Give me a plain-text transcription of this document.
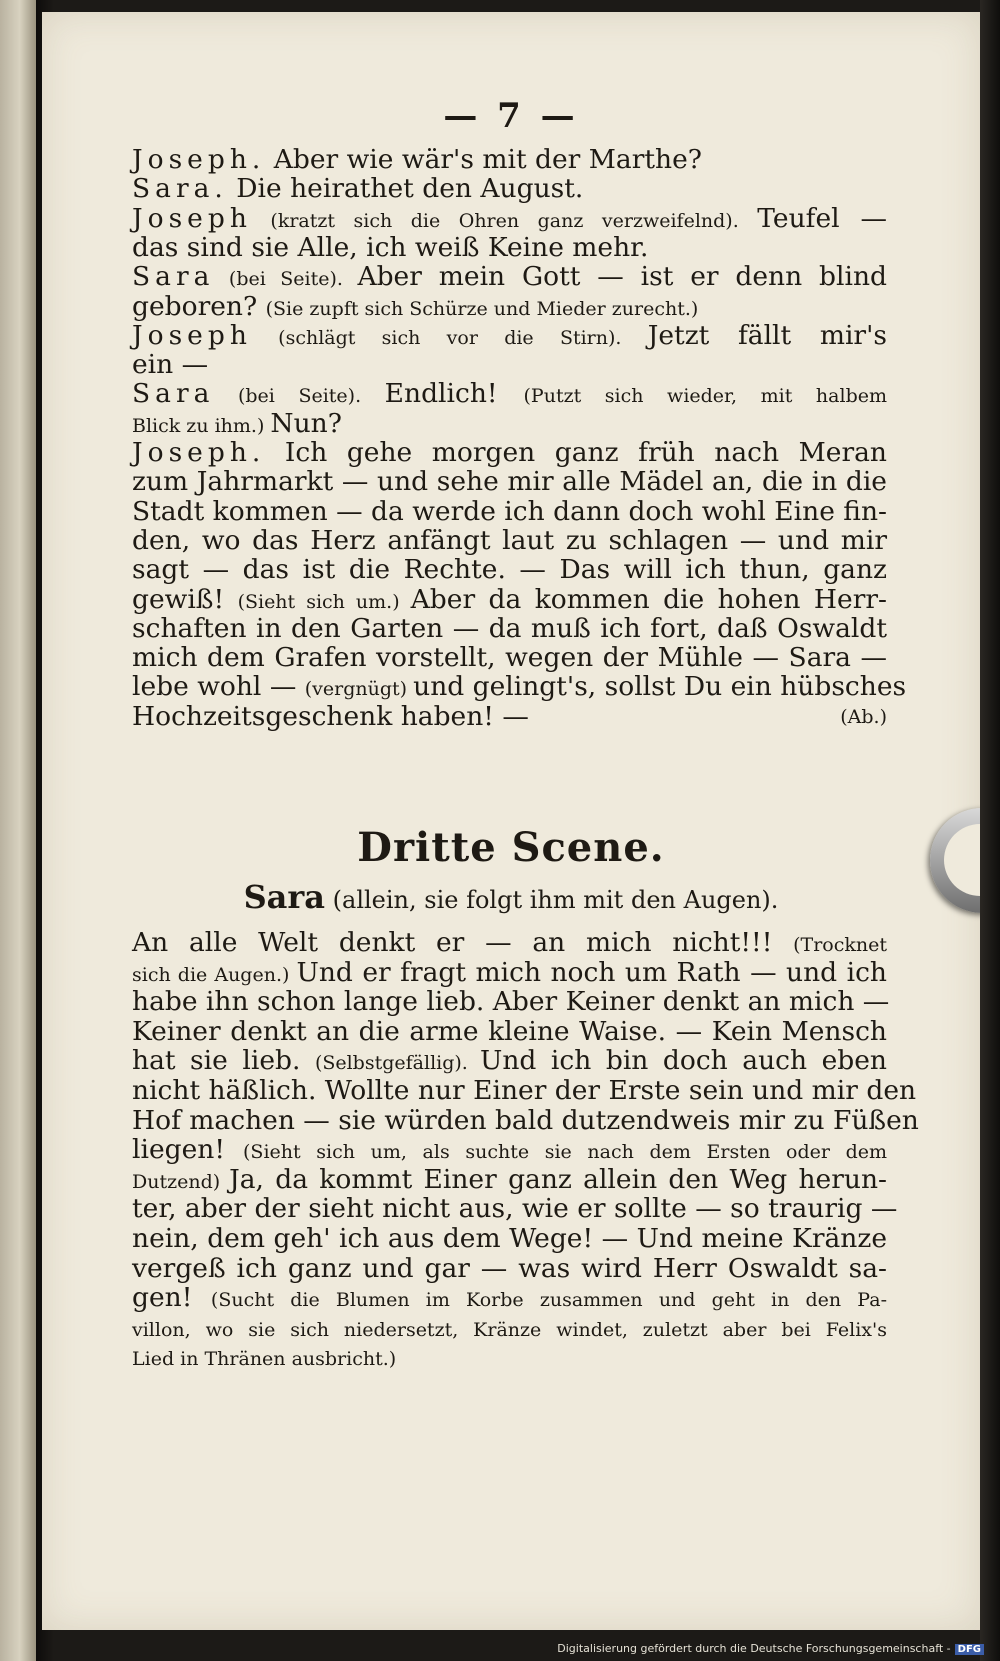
— 7 —
Joseph. Aber wie wär's mit der Marthe?
Sara. Die heirathet den August.
Joseph (kratzt sich die Ohren ganz verzweifelnd). Teufel —
das sind sie Alle, ich weiß Keine mehr.
Sara (bei Seite). Aber mein Gott — ist er denn blind
geboren? (Sie zupft sich Schürze und Mieder zurecht.)
Joseph (schlägt sich vor die Stirn). Jetzt fällt mir's
ein —
Sara (bei Seite). Endlich! (Putzt sich wieder, mit halbem
Blick zu ihm.) Nun?
Joseph. Ich gehe morgen ganz früh nach Meran
zum Jahrmarkt — und sehe mir alle Mädel an, die in die
Stadt kommen — da werde ich dann doch wohl Eine fin-
den, wo das Herz anfängt laut zu schlagen — und mir
sagt — das ist die Rechte. — Das will ich thun, ganz
gewiß! (Sieht sich um.) Aber da kommen die hohen Herr-
schaften in den Garten — da muß ich fort, daß Oswaldt
mich dem Grafen vorstellt, wegen der Mühle — Sara —
lebe wohl — (vergnügt) und gelingt's, sollst Du ein hübsches
Hochzeitsgeschenk haben! —	(Ab.)
Dritte Scene.
Sara (allein, sie folgt ihm mit den Augen).
An alle Welt denkt er — an mich nicht!!! (Trocknet
sich die Augen.) Und er fragt mich noch um Rath — und ich
habe ihn schon lange lieb. Aber Keiner denkt an mich —
Keiner denkt an die arme kleine Waise. — Kein Mensch
hat sie lieb. (Selbstgefällig). Und ich bin doch auch eben
nicht häßlich. Wollte nur Einer der Erste sein und mir den
Hof machen — sie würden bald dutzendweis mir zu Füßen
liegen! (Sieht sich um, als suchte sie nach dem Ersten oder dem
Dutzend) Ja, da kommt Einer ganz allein den Weg herun-
ter, aber der sieht nicht aus, wie er sollte — so traurig —
nein, dem geh' ich aus dem Wege! — Und meine Kränze
vergeß ich ganz und gar — was wird Herr Oswaldt sa-
gen! (Sucht die Blumen im Korbe zusammen und geht in den Pa-
villon, wo sie sich niedersetzt, Kränze windet, zuletzt aber bei Felix's
Lied in Thränen ausbricht.)
Digitalisierung gefördert durch die Deutsche Forschungsgemeinschaft - DFG
